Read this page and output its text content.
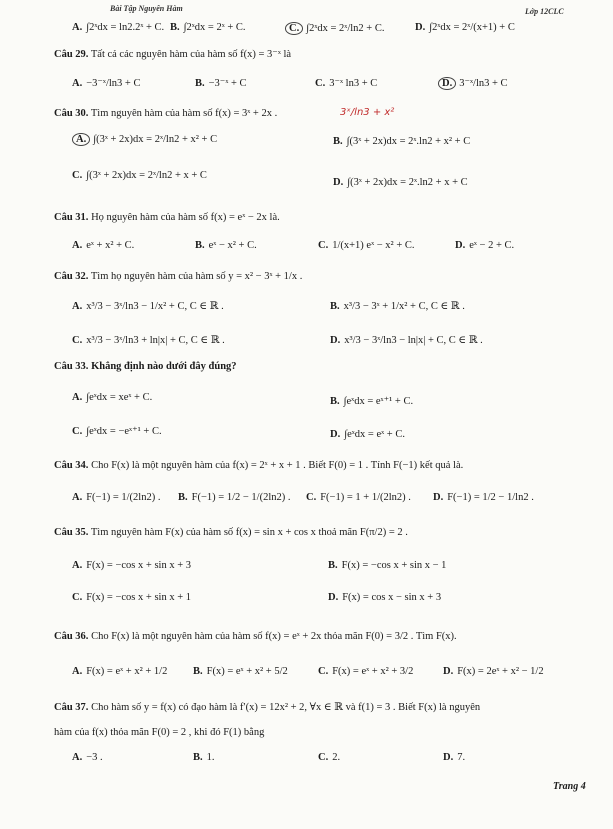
Bài Tập Nguyên Hàm	Lớp 12CLC
A. ∫2ˣdx = ln2.2ˣ + C. B. ∫2ˣdx = 2ˣ + C.	C. ∫2ˣdx = 2ˣ/ln2 + C.	D. ∫2ˣdx = 2ˣ/(x+1) + C
Câu 29. Tất cả các nguyên hàm của hàm số f(x) = 3⁻ˣ là
A. −3⁻ˣ/ln3 + C	B. −3⁻ˣ + C	C. 3⁻ˣ ln3 + C	D. 3⁻ˣ/ln3 + C
Câu 30. Tìm nguyên hàm của hàm số f(x) = 3ˣ + 2x .	3ˣ/ln3 + x²
A. ∫(3ˣ + 2x)dx = 2ˣ/ln2 + x² + C	B. ∫(3ˣ + 2x)dx = 2ˣ.ln2 + x² + C
C. ∫(3ˣ + 2x)dx = 2ˣ/ln2 + x + C
D. ∫(3ˣ + 2x)dx = 2ˣ.ln2 + x + C
Câu 31. Họ nguyên hàm của hàm số f(x) = eˣ − 2x là.
A. eˣ + x² + C.	B. eˣ − x² + C.	C. 1/(x+1) eˣ − x² + C.	D. eˣ − 2 + C.
Câu 32. Tìm họ nguyên hàm của hàm số y = x² − 3ˣ + 1/x .
A. x³/3 − 3ˣ/ln3 − 1/x² + C, C ∈ ℝ .	B. x³/3 − 3ˣ + 1/x² + C, C ∈ ℝ .
C. x³/3 − 3ˣ/ln3 + ln|x| + C, C ∈ ℝ .	D. x³/3 − 3ˣ/ln3 − ln|x| + C, C ∈ ℝ .
Câu 33. Khẳng định nào dưới đây đúng?
A. ∫eˣdx = xeˣ + C.	B. ∫eˣdx = eˣ⁺¹ + C.
C. ∫eˣdx = −eˣ⁺¹ + C.	D. ∫eˣdx = eˣ + C.
Câu 34. Cho F(x) là một nguyên hàm của f(x) = 2ˣ + x + 1 . Biết F(0) = 1 . Tính F(−1) kết quả là.
A. F(−1) = 1/(2ln2) . B. F(−1) = 1/2 − 1/(2ln2) . C. F(−1) = 1 + 1/(2ln2) . D. F(−1) = 1/2 − 1/ln2 .
Câu 35. Tìm nguyên hàm F(x) của hàm số f(x) = sin x + cos x thoả mãn F(π/2) = 2 .
A. F(x) = −cos x + sin x + 3	B. F(x) = −cos x + sin x − 1
C. F(x) = −cos x + sin x + 1	D. F(x) = cos x − sin x + 3
Câu 36. Cho F(x) là một nguyên hàm của hàm số f(x) = eˣ + 2x thỏa mãn F(0) = 3/2 . Tìm F(x).
A. F(x) = eˣ + x² + 1/2 B. F(x) = eˣ + x² + 5/2	C. F(x) = eˣ + x² + 3/2	D. F(x) = 2eˣ + x² − 1/2
Câu 37. Cho hàm số y = f(x) có đạo hàm là f′(x) = 12x² + 2, ∀x ∈ ℝ và f(1) = 3 . Biết F(x) là nguyên
hàm của f(x) thỏa mãn F(0) = 2 , khi đó F(1) bằng
A. −3 .	B. 1.	C. 2.	D. 7.
Trang 4
